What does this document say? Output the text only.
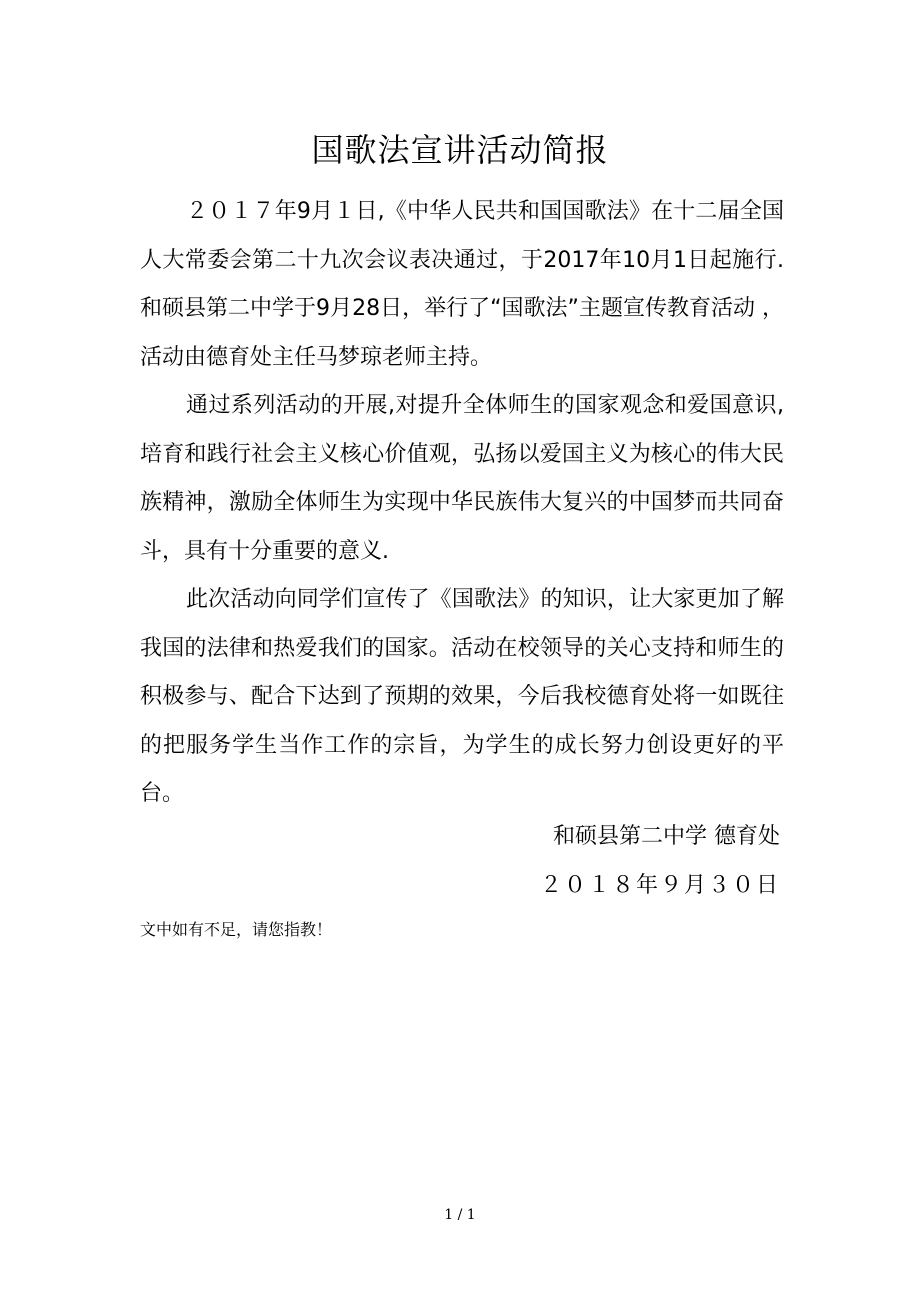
国歌法宣讲活动简报

２０１７年9月１日,《中华人民共和国国歌法》在十二届全国人大常委会第二十九次会议表决通过，于2017年10月1日起施行.和硕县第二中学于9月28日，举行了“国歌法”主题宣传教育活动 ，活动由德育处主任马梦琼老师主持。

通过系列活动的开展,对提升全体师生的国家观念和爱国意识,培育和践行社会主义核心价值观，弘扬以爱国主义为核心的伟大民族精神，激励全体师生为实现中华民族伟大复兴的中国梦而共同奋斗，具有十分重要的意义.

此次活动向同学们宣传了《国歌法》的知识，让大家更加了解我国的法律和热爱我们的国家。活动在校领导的关心支持和师生的积极参与、配合下达到了预期的效果，今后我校德育处将一如既往的把服务学生当作工作的宗旨，为学生的成长努力创设更好的平台。

和硕县第二中学 德育处
２０１８年９月３０日
文中如有不足，请您指教！
1 / 1
